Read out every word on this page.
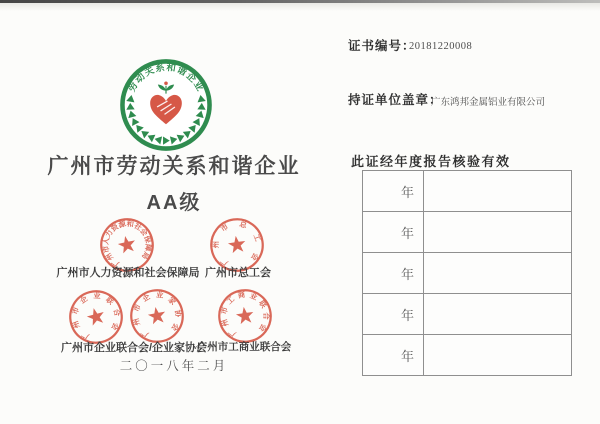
劳动关系和谐企业
广州市劳动关系和谐企业
AA级
广州市人力资源和社会保障局
广州市总工会
广州市企业联合会
广州市企业家协会	广州市工商业联合会
广州市人力资源和社会保障局 广州市总工会
广州市企业联合会/企业家协会
广州市工商业联合会
二〇一八年二月
证书编号：
20181220008
持证单位盖章：
广东鸿邦金属铝业有限公司
此证经年度报告核验有效
年	
年	
年	
年	
年	
